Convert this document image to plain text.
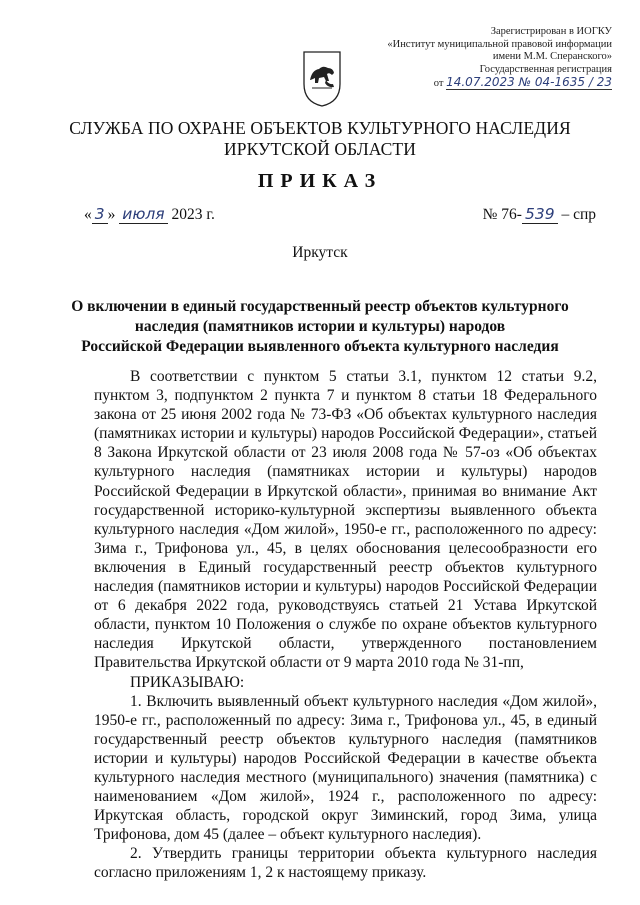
Зарегистрирован в ИОГКУ
«Институт муниципальной правовой информации
имени М.М. Сперанского»
Государственная регистрация
от 14.07.2023 № 04-1635 / 23
СЛУЖБА ПО ОХРАНЕ ОБЪЕКТОВ КУЛЬТУРНОГО НАСЛЕДИЯ
ИРКУТСКОЙ ОБЛАСТИ
ПРИКАЗ
« 3 » июля 2023 г.	№ 76- 539 – спр
Иркутск
О включении в единый государственный реестр объектов культурного
наследия (памятников истории и культуры) народов
Российской Федерации выявленного объекта культурного наследия

В соответствии с пунктом 5 статьи 3.1, пунктом 12 статьи 9.2, пунктом 3, подпунктом 2 пункта 7 и пунктом 8 статьи 18 Федерального закона от 25 июня 2002 года № 73-ФЗ «Об объектах культурного наследия (памятниках истории и культуры) народов Российской Федерации», статьей 8 Закона Иркутской области от 23 июля 2008 года № 57-оз «Об объектах культурного наследия (памятниках истории и культуры) народов Российской Федерации в Иркутской области», принимая во внимание Акт государственной историко-культурной экспертизы выявленного объекта культурного наследия «Дом жилой», 1950-е гг., расположенного по адресу: Зима г., Трифонова ул., 45, в целях обоснования целесообразности его включения в Единый государственный реестр объектов культурного наследия (памятников истории и культуры) народов Российской Федерации от 6 декабря 2022 года, руководствуясь статьей 21 Устава Иркутской области, пунктом 10 Положения о службе по охране объектов культурного наследия Иркутской области, утвержденного постановлением Правительства Иркутской области от 9 марта 2010 года № 31-пп,

ПРИКАЗЫВАЮ:

1. Включить выявленный объект культурного наследия «Дом жилой», 1950-е гг., расположенный по адресу: Зима г., Трифонова ул., 45, в единый государственный реестр объектов культурного наследия (памятников истории и культуры) народов Российской Федерации в качестве объекта культурного наследия местного (муниципального) значения (памятника) с наименованием «Дом жилой», 1924 г., расположенного по адресу: Иркутская область, городской округ Зиминский, город Зима, улица Трифонова, дом 45 (далее – объект культурного наследия).

2. Утвердить границы территории объекта культурного наследия согласно приложениям 1, 2 к настоящему приказу.
